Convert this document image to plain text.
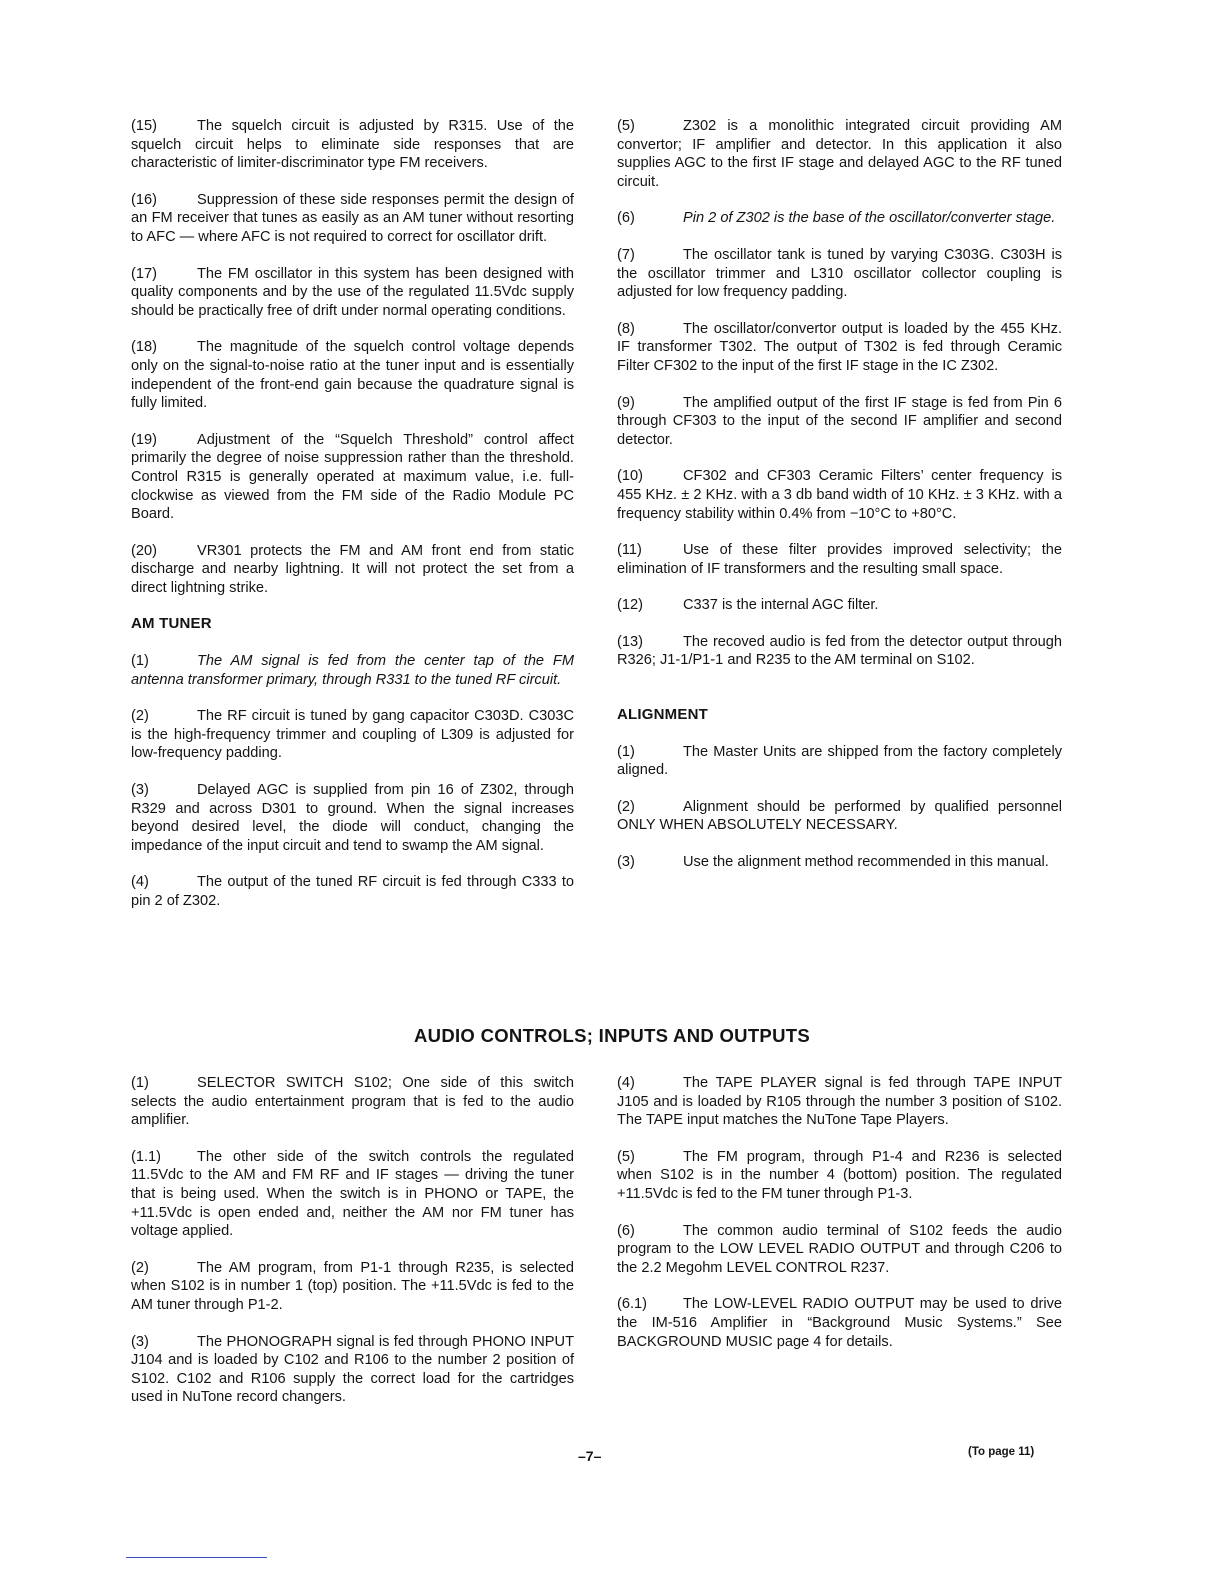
(15)	The squelch circuit is adjusted by R315. Use of the squelch circuit helps to eliminate side responses that are characteristic of limiter-discriminator type FM receivers.

(16)	Suppression of these side responses permit the design of an FM receiver that tunes as easily as an AM tuner without resorting to AFC — where AFC is not required to correct for oscillator drift.

(17)	The FM oscillator in this system has been designed with quality components and by the use of the regulated 11.5Vdc supply should be practically free of drift under normal operating conditions.

(18)	The magnitude of the squelch control voltage depends only on the signal-to-noise ratio at the tuner input and is essentially independent of the front-end gain because the quadrature signal is fully limited.

(19)	Adjustment of the “Squelch Threshold” control affect primarily the degree of noise suppression rather than the threshold. Control R315 is generally operated at maximum value, i.e. full-clockwise as viewed from the FM side of the Radio Module PC Board.

(20)	VR301 protects the FM and AM front end from static discharge and nearby lightning. It will not protect the set from a direct lightning strike.

AM TUNER

(1)	The AM signal is fed from the center tap of the FM antenna transformer primary, through R331 to the tuned RF circuit.

(2)	The RF circuit is tuned by gang capacitor C303D. C303C is the high-frequency trimmer and coupling of L309 is adjusted for low-frequency padding.

(3)	Delayed AGC is supplied from pin 16 of Z302, through R329 and across D301 to ground. When the signal increases beyond desired level, the diode will conduct, changing the impedance of the input circuit and tend to swamp the AM signal.

(4)	The output of the tuned RF circuit is fed through C333 to pin 2 of Z302.

(5)	Z302 is a monolithic integrated circuit providing AM convertor; IF amplifier and detector. In this application it also supplies AGC to the first IF stage and delayed AGC to the RF tuned circuit.

(6)	Pin 2 of Z302 is the base of the oscillator/converter stage.

(7)	The oscillator tank is tuned by varying C303G. C303H is the oscillator trimmer and L310 oscillator collector coupling is adjusted for low frequency padding.

(8)	The oscillator/convertor output is loaded by the 455 KHz. IF transformer T302. The output of T302 is fed through Ceramic Filter CF302 to the input of the first IF stage in the IC Z302.

(9)	The amplified output of the first IF stage is fed from Pin 6 through CF303 to the input of the second IF amplifier and second detector.

(10)	CF302 and CF303 Ceramic Filters’ center frequency is 455 KHz. ± 2 KHz. with a 3 db band width of 10 KHz. ± 3 KHz. with a frequency stability within 0.4% from −10°C to +80°C.

(11)	Use of these filter provides improved selectivity; the elimination of IF transformers and the resulting small space.

(12)	C337 is the internal AGC filter.

(13)	The recoved audio is fed from the detector output through R326; J1-1/P1-1 and R235 to the AM terminal on S102.

ALIGNMENT

(1)	The Master Units are shipped from the factory completely aligned.

(2)	Alignment should be performed by qualified personnel ONLY WHEN ABSOLUTELY NECESSARY.

(3)	Use the alignment method recommended in this manual.

AUDIO CONTROLS; INPUTS AND OUTPUTS

(1)	SELECTOR SWITCH S102; One side of this switch selects the audio entertainment program that is fed to the audio amplifier.

(1.1) The other side of the switch controls the regulated 11.5Vdc to the AM and FM RF and IF stages — driving the tuner that is being used. When the switch is in PHONO or TAPE, the +11.5Vdc is open ended and, neither the AM nor FM tuner has voltage applied.

(2)	The AM program, from P1-1 through R235, is selected when S102 is in number 1 (top) position. The +11.5Vdc is fed to the AM tuner through P1-2.

(3)	The PHONOGRAPH signal is fed through PHONO INPUT J104 and is loaded by C102 and R106 to the number 2 position of S102. C102 and R106 supply the correct load for the cartridges used in NuTone record changers.

(4)	The TAPE PLAYER signal is fed through TAPE INPUT J105 and is loaded by R105 through the number 3 position of S102. The TAPE input matches the NuTone Tape Players.

(5)	The FM program, through P1-4 and R236 is selected when S102 is in the number 4 (bottom) position. The regulated +11.5Vdc is fed to the FM tuner through P1-3.

(6)	The common audio terminal of S102 feeds the audio program to the LOW LEVEL RADIO OUTPUT and through C206 to the 2.2 Megohm LEVEL CONTROL R237.

(6.1) The LOW-LEVEL RADIO OUTPUT may be used to drive the IM-516 Amplifier in “Background Music Systems.” See BACKGROUND MUSIC page 4 for details.

–7–	(To page 11)
